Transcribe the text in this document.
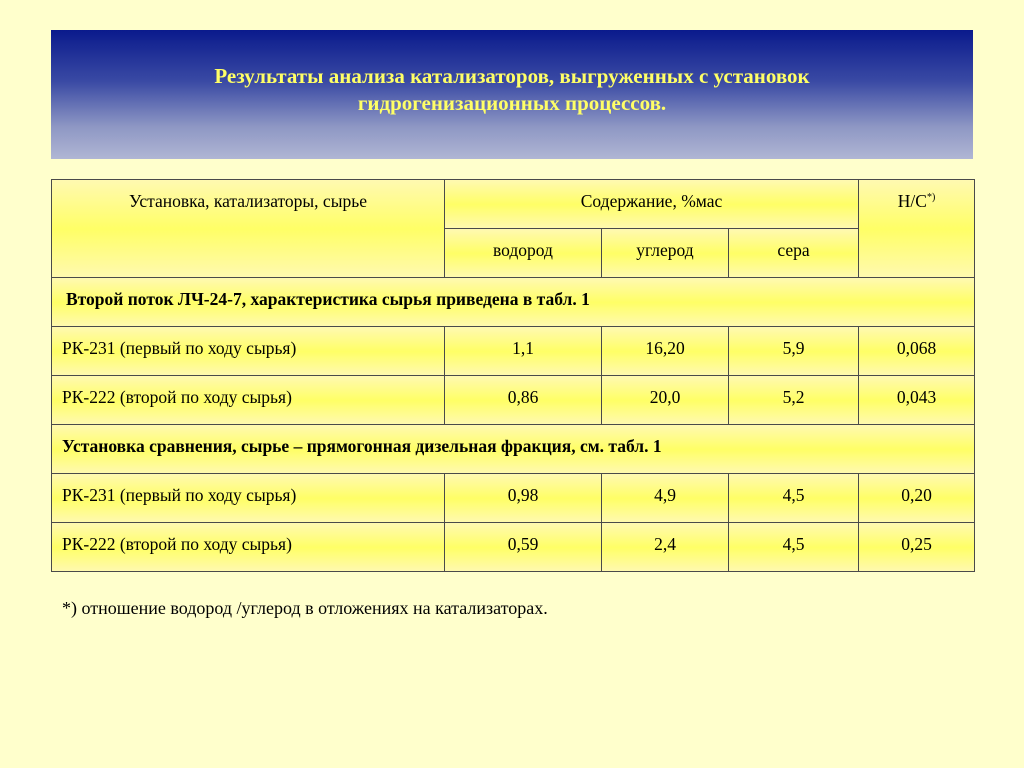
Результаты анализа катализаторов, выгруженных с установок
гидрогенизационных процессов.
Установка, катализаторы, сырье	Содержание, %мас			H/C*)

	водород	углерод	сера	

Второй поток ЛЧ-24-7, характеристика сырья приведена в табл. 1				

РК-231 (первый по ходу сырья)	1,1	16,20	5,9	0,068

РК-222 (второй по ходу сырья)	0,86	20,0	5,2	0,043

Установка сравнения, сырье – прямогонная дизельная фракция, см. табл. 1				

РК-231 (первый по ходу сырья)	0,98	4,9	4,5	0,20

РК-222 (второй по ходу сырья)	0,59	2,4	4,5	0,25
*) отношение водород /углерод в отложениях на катализаторах.
